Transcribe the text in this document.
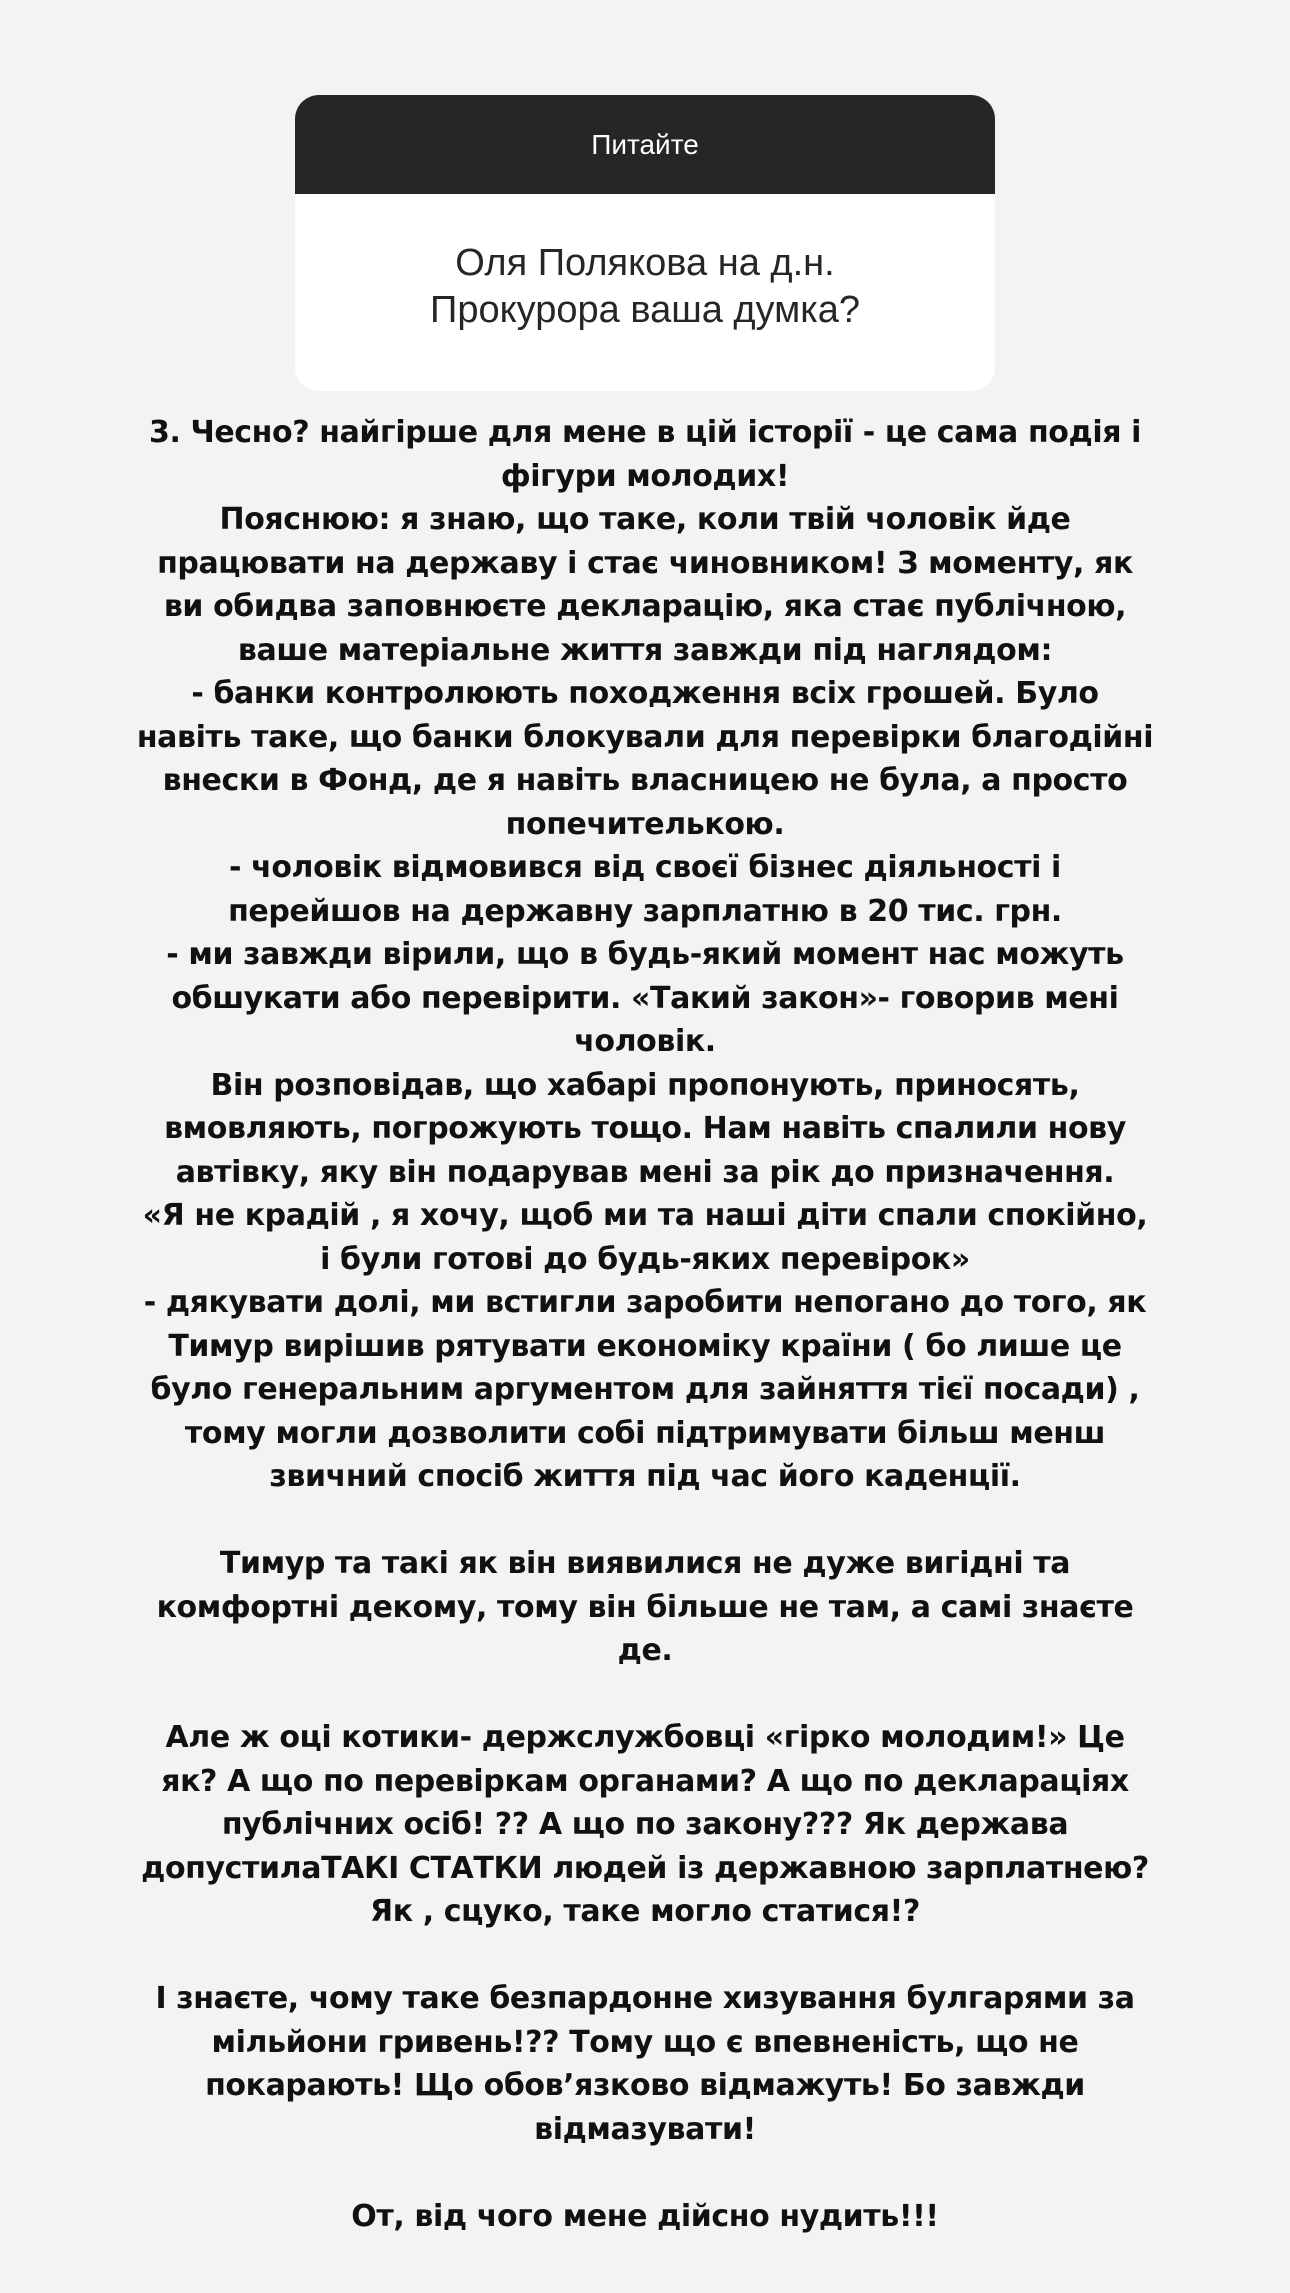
Питайте
Оля Полякова на д.н.
Прокурора ваша думка?
3. Чесно? найгірше для мене в цій історії - це сама подія і
фігури молодих!
Пояснюю: я знаю, що таке, коли твій чоловік йде
працювати на державу і стає чиновником! З моменту, як
ви обидва заповнюєте декларацію, яка стає публічною,
ваше матеріальне життя завжди під наглядом:
- банки контролюють походження всіх грошей. Було
навіть таке, що банки блокували для перевірки благодійні
внески в Фонд, де я навіть власницею не була, а просто
попечителькою.
- чоловік відмовився від своєї бізнес діяльності і
перейшов на державну зарплатню в 20 тис. грн.
- ми завжди вірили, що в будь-який момент нас можуть
обшукати або перевірити. «Такий закон»- говорив мені
чоловік.
Він розповідав, що хабарі пропонують, приносять,
вмовляють, погрожують тощо. Нам навіть спалили нову
автівку, яку він подарував мені за рік до призначення.
«Я не крадій , я хочу, щоб ми та наші діти спали спокійно,
і були готові до будь-яких перевірок»
- дякувати долі, ми встигли заробити непогано до того, як
Тимур вирішив рятувати економіку країни ( бо лише це
було генеральним аргументом для зайняття тієї посади) ,
тому могли дозволити собі підтримувати більш менш
звичний спосіб життя під час його каденції.
Тимур та такі як він виявилися не дуже вигідні та
комфортні декому, тому він більше не там, а самі знаєте
де.
Але ж оці котики- держслужбовці «гірко молодим!» Це
як? А що по перевіркам органами? А що по деклараціях
публічних осіб! ?? А що по закону??? Як держава
допустилаТАКІ СТАТКИ людей із державною зарплатнею?
Як , сцуко, таке могло статися!?
І знаєте, чому таке безпардонне хизування булгарями за
мільйони гривень!?? Тому що є впевненість, що не
покарають! Що обов’язково відмажуть! Бо завжди
відмазувати!
От, від чого мене дійсно нудить!!!
